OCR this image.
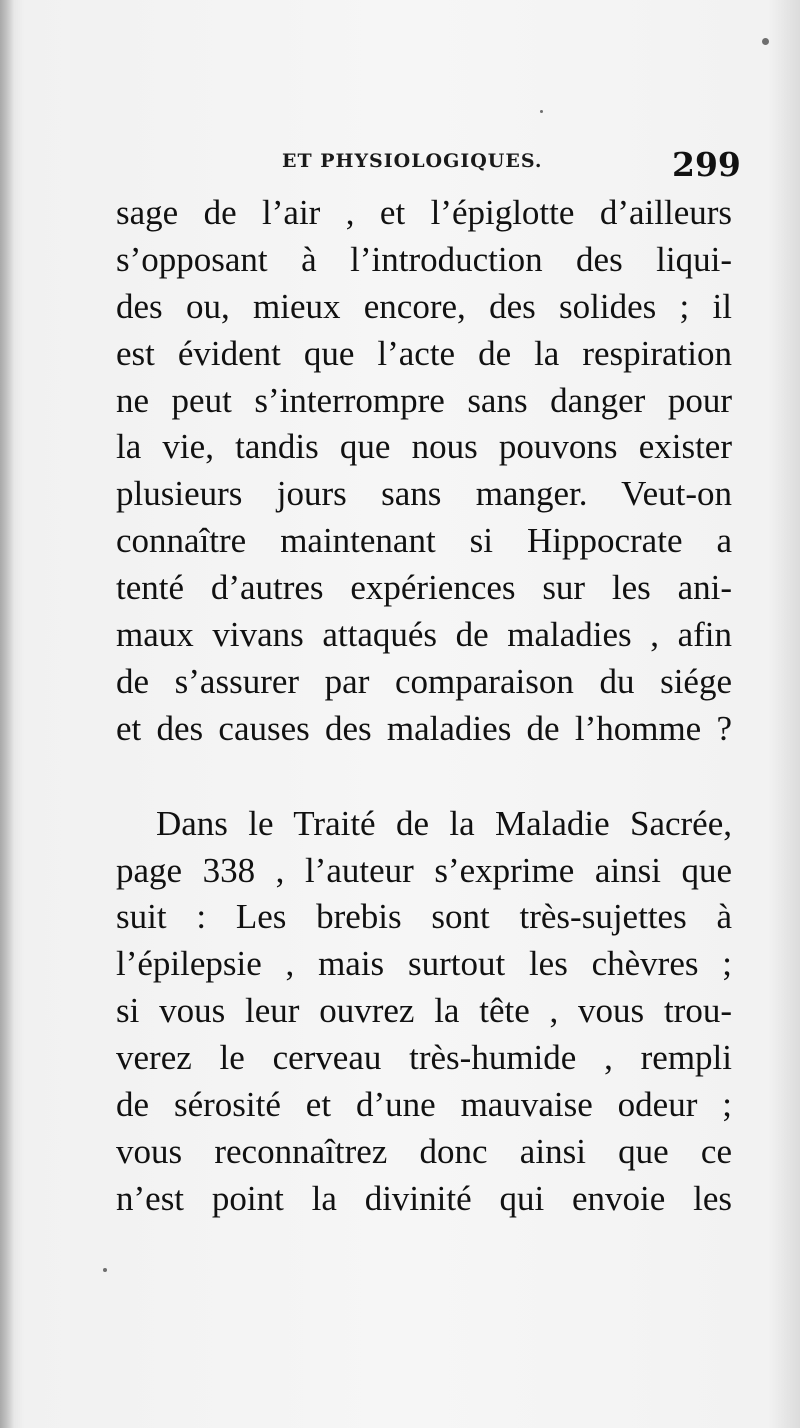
ET PHYSIOLOGIQUES.	299
sage de l’air , et l’épiglotte d’ailleurs
s’opposant à l’introduction des liqui-
des ou, mieux encore, des solides ; il
est évident que l’acte de la respiration
ne peut s’interrompre sans danger pour
la vie, tandis que nous pouvons exister
plusieurs jours sans manger. Veut-on
connaître maintenant si Hippocrate a
tenté d’autres expériences sur les ani-
maux vivans attaqués de maladies , afin
de s’assurer par comparaison du siége
et des causes des maladies de l’homme ?
Dans le Traité de la Maladie Sacrée,
page 338 , l’auteur s’exprime ainsi que
suit : Les brebis sont très-sujettes à
l’épilepsie , mais surtout les chèvres ;
si vous leur ouvrez la tête , vous trou-
verez le cerveau très-humide , rempli
de sérosité et d’une mauvaise odeur ;
vous reconnaîtrez donc ainsi que ce
n’est point la divinité qui envoie les
